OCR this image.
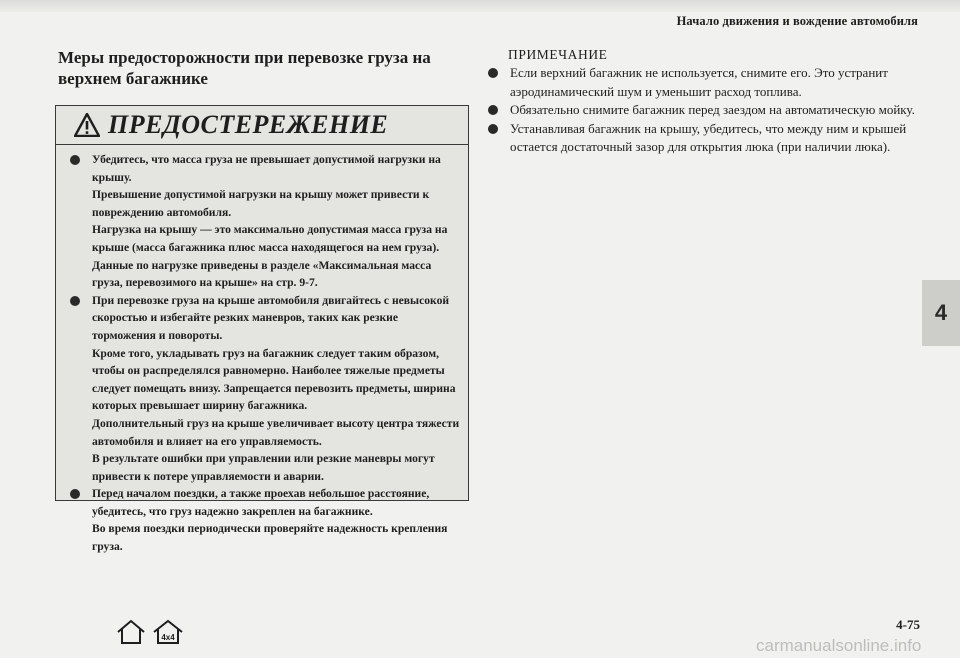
Начало движения и вождение автомобиля
Меры предосторожности при перевозке груза на верхнем багажнике
ПРЕДОСТЕРЕЖЕНИЕ
Убедитесь, что масса груза не превышает допустимой нагрузки на крышу.
Превышение допустимой нагрузки на крышу может привести к повреждению автомобиля.
Нагрузка на крышу — это максимально допустимая масса груза на крыше (масса багажника плюс масса находящегося на нем груза).
Данные по нагрузке приведены в разделе «Максимальная масса груза, перевозимого на крыше» на стр. 9-7.
При перевозке груза на крыше автомобиля двигайтесь с невысокой скоростью и избегайте резких маневров, таких как резкие торможения и повороты.
Кроме того, укладывать груз на багажник следует таким образом, чтобы он распределялся равномерно. Наиболее тяжелые предметы следует помещать внизу. Запрещается перевозить предметы, ширина которых превышает ширину багажника.
Дополнительный груз на крыше увеличивает высоту центра тяжести автомобиля и влияет на его управляемость.
В результате ошибки при управлении или резкие маневры могут привести к потере управляемости и аварии.
Перед началом поездки, а также проехав небольшое расстояние, убедитесь, что груз надежно закреплен на багажнике.
Во время поездки периодически проверяйте надежность крепления груза.
ПРИМЕЧАНИЕ
Если верхний багажник не используется, снимите его. Это устранит аэродинамический шум и уменьшит расход топлива.
Обязательно снимите багажник перед заездом на автоматическую мойку.
Устанавливая багажник на крышу, убедитесь, что между ним и крышей остается достаточный зазор для открытия люка (при наличии люка).
4
4-75
4x4	carmanualsonline.info
